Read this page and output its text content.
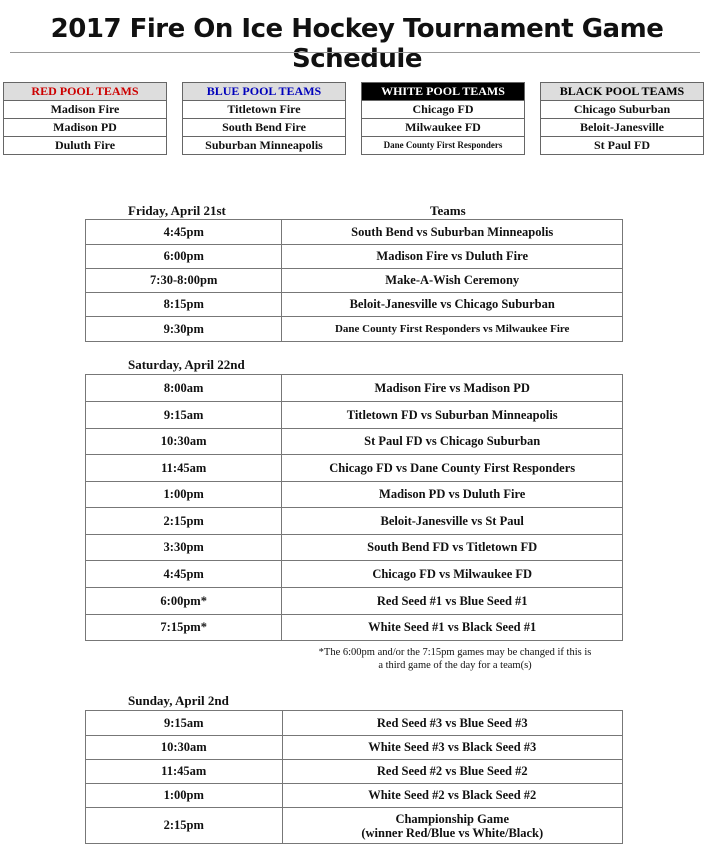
2017 Fire On Ice Hockey Tournament Game Schedule
RED POOL TEAMS
Madison Fire
Madison PD
Duluth Fire
BLUE POOL TEAMS
Titletown Fire
South Bend Fire
Suburban Minneapolis
WHITE POOL TEAMS
Chicago FD
Milwaukee FD
Dane County First Responders
BLACK POOL TEAMS
Chicago Suburban
Beloit-Janesville
St Paul FD
Friday, April 21st	Teams
4:45pm	South Bend vs Suburban Minneapolis
6:00pm	Madison Fire vs Duluth Fire
7:30-8:00pm	Make-A-Wish Ceremony
8:15pm	Beloit-Janesville vs Chicago Suburban
9:30pm	Dane County First Responders vs Milwaukee Fire
Saturday, April 22nd
8:00am	Madison Fire vs Madison PD
9:15am	Titletown FD vs Suburban Minneapolis
10:30am	St Paul FD vs Chicago Suburban
11:45am	Chicago FD vs Dane County First Responders
1:00pm	Madison PD vs Duluth Fire
2:15pm	Beloit-Janesville vs St Paul
3:30pm	South Bend FD vs Titletown FD
4:45pm	Chicago FD vs Milwaukee FD
6:00pm*	Red Seed #1 vs Blue Seed #1
7:15pm*	White Seed #1 vs Black Seed #1
*The 6:00pm and/or the 7:15pm games may be changed if this is
a third game of the day for a team(s)
Sunday, April 2nd
9:15am	Red Seed #3 vs Blue Seed #3
10:30am	White Seed #3 vs Black Seed #3
11:45am	Red Seed #2 vs Blue Seed #2
1:00pm	White Seed #2 vs Black Seed #2
2:15pm	Championship Game
(winner Red/Blue vs White/Black)
